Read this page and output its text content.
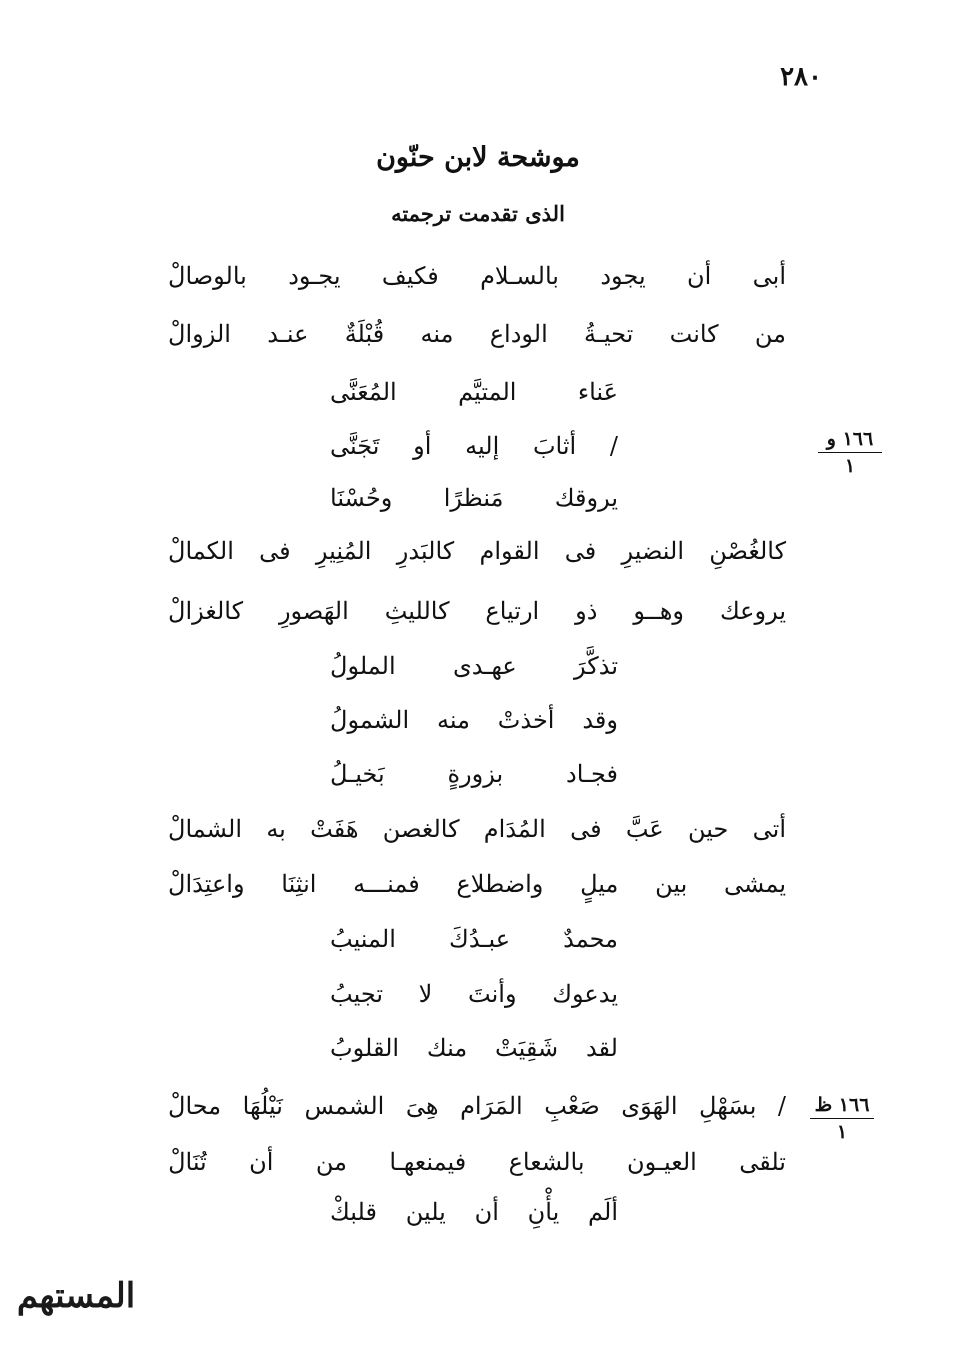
٢٨٠
موشحة لابن حنّون
الذى تقدمت ترجمته
أبى
أن
يجود
بالسـلام
فكيف
يجـود
بالوصالْ
من
كانت
تحيـةُ
الوداع
منه
قُبْلَةٌ
عنـد
الزوالْ
عَناء
المتيَّم
المُعَنَّى
/
أثابَ
إليه
أو
تَجَنَّى
يروقك
مَنظرًا
وحُسْنَا
كالغُصْنِ
النضيرِ
فى
القوام
كالبَدرِ
المُنِيرِ
فى
الكمالْ
يروعك
وهــو
ذو
ارتياع
كالليثِ
الهَصورِ
كالغزالْ
تذكَّرَ
عهـدى
الملولُ
وقد
أخذتْ
منه
الشمولُ
فجـاد
بزورةٍ
بَخيـلُ
أتى
حين
عَبَّ
فى
المُدَام
كالغصن
هَفَتْ
به
الشمالْ
يمشى
بين
ميلٍ
واضطلاع
فمنـــه
انثِنَا
واعتِدَالْ
محمدٌ
عبـدُكَ
المنيبُ
يدعوك
وأنتَ
لا
تجيبُ
لقد
شَقِيَتْ
منك
القلوبُ
/
بسَهْلِ
الهَوَى
صَعْبِ
المَرَام
هِىَ
الشمس
نَيْلُهَا
محالْ
تلقى
العيـون
بالشعاع
فيمنعهـا
من
أن
تُنَالْ
ألَم
يأْنِ
أن
يلين
قلبكْ
١٦٦ و
١
١٦٦ ظ
١
المستهم
